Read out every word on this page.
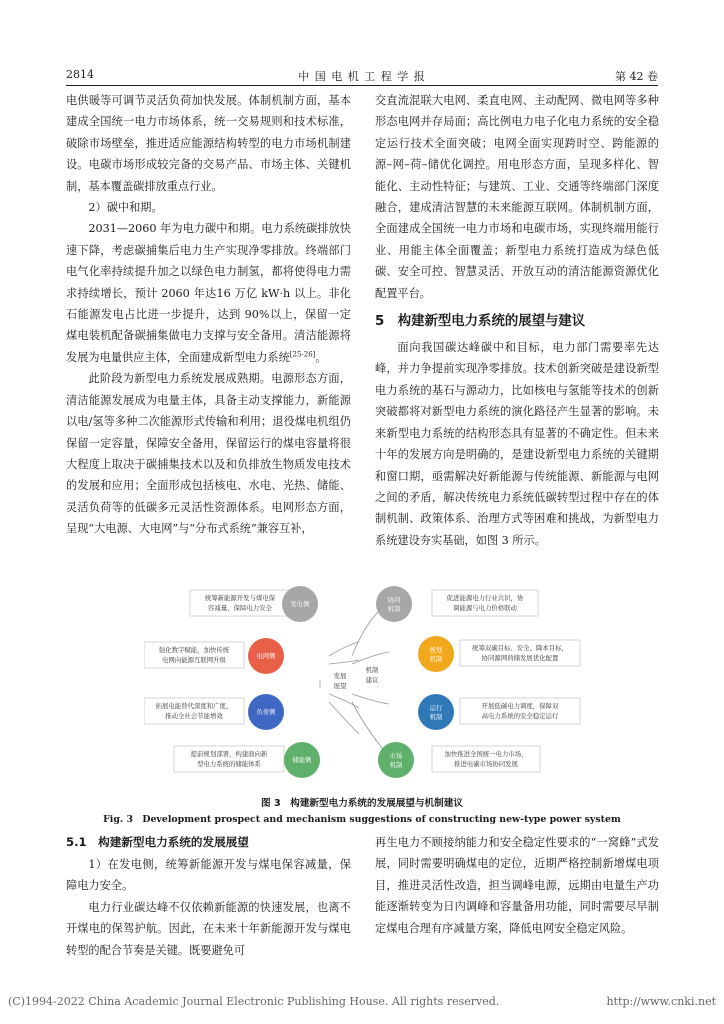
2814	中 国 电 机 工 程 学 报	第 42 卷

电供暖等可调节灵活负荷加快发展。体制机制方面，基本建成全国统一电力市场体系，统一交易规则和技术标准，破除市场壁垒，推进适应能源结构转型的电力市场机制建设。电碳市场形成较完备的交易产品、市场主体、关键机制，基本覆盖碳排放重点行业。

2）碳中和期。

2031—2060 年为电力碳中和期。电力系统碳排放快速下降，考虑碳捕集后电力生产实现净零排放。终端部门电气化率持续提升加之以绿色电力制氢，都将使得电力需求持续增长，预计 2060 年达16 万亿 kW·h 以上。非化石能源发电占比进一步提升，达到 90%以上，保留一定煤电装机配备碳捕集做电力支撑与安全备用。清洁能源将发展为电量供应主体，全面建成新型电力系统[25-26]。

此阶段为新型电力系统发展成熟期。电源形态方面，清洁能源发展成为电量主体，具备主动支撑能力，新能源以电/氢等多种二次能源形式传输和利用；退役煤电机组仍保留一定容量，保障安全备用，保留运行的煤电容量将很大程度上取决于碳捕集技术以及和负排放生物质发电技术的发展和应用；全面形成包括核电、水电、光热、储能、灵活负荷等的低碳多元灵活性资源体系。电网形态方面，呈现“大电源、大电网”与“分布式系统”兼容互补，

交直流混联大电网、柔直电网、主动配网、微电网等多种形态电网并存局面；高比例电力电子化电力系统的安全稳定运行技术全面突破；电网全面实现跨时空、跨能源的源–网–荷–储优化调控。用电形态方面，呈现多样化、智能化、主动性特征；与建筑、工业、交通等终端部门深度融合，建成清洁智慧的未来能源互联网。体制机制方面，全面建成全国统一电力市场和电碳市场，实现终端用能行业、用能主体全面覆盖；新型电力系统打造成为绿色低碳、安全可控、智慧灵活、开放互动的清洁能源资源优化配置平台。

5　构建新型电力系统的展望与建议

面向我国碳达峰碳中和目标，电力部门需要率先达峰，并力争提前实现净零排放。技术创新突破是建设新型电力系统的基石与源动力，比如核电与氢能等技术的创新突破都将对新型电力系统的演化路径产生显著的影响。未来新型电力系统的结构形态具有显著的不确定性。但未来十年的发展方向是明确的，是建设新型电力系统的关键期和窗口期，亟需解决好新能源与传统能源、新能源与电网之间的矛盾，解决传统电力系统低碳转型过程中存在的体制机制、政策体系、治理方式等困难和挑战，为新型电力系统建设夯实基础，如图 3 所示。

发展
展望
机制
建议
统筹新能源开发与煤电保
容减量，保障电力安全	发电侧
强化数字赋能，加快传统
电网向能源互联网升级	电网侧
拓展电能替代深度和广度，
推动全社会节能增效	负荷侧
提前规划部署，构建面向新
型电力系统的储能体系	储能侧
协同
机制
促进能源电力行业共识，协
调能源与电力价格联动
规划
机制
统筹双碳目标、安全、降本目标，
协同源网荷储发展优化配置
运行
机制
开展低碳电力调度，保障双
高电力系统的安全稳定运行
市场
机制
加快推进全国统一电力市场，
推进电碳市场协同发展
图 3　构建新型电力系统的发展展望与机制建议
Fig. 3　Development prospect and mechanism suggestions of constructing new-type power system
5.1　构建新型电力系统的发展展望

1）在发电侧，统筹新能源开发与煤电保容减量，保障电力安全。

电力行业碳达峰不仅依赖新能源的快速发展，也离不开煤电的保驾护航。因此，在未来十年新能源开发与煤电转型的配合节奏是关键。既要避免可

再生电力不顾接纳能力和安全稳定性要求的“一窝蜂”式发展，同时需要明确煤电的定位，近期严格控制新增煤电项目，推进灵活性改造，担当调峰电源，远期由电量生产功能逐渐转变为日内调峰和容量备用功能，同时需要尽早制定煤电合理有序减量方案，降低电网安全稳定风险。

(C)1994-2022 China Academic Journal Electronic Publishing House. All rights reserved.	http://www.cnki.net
